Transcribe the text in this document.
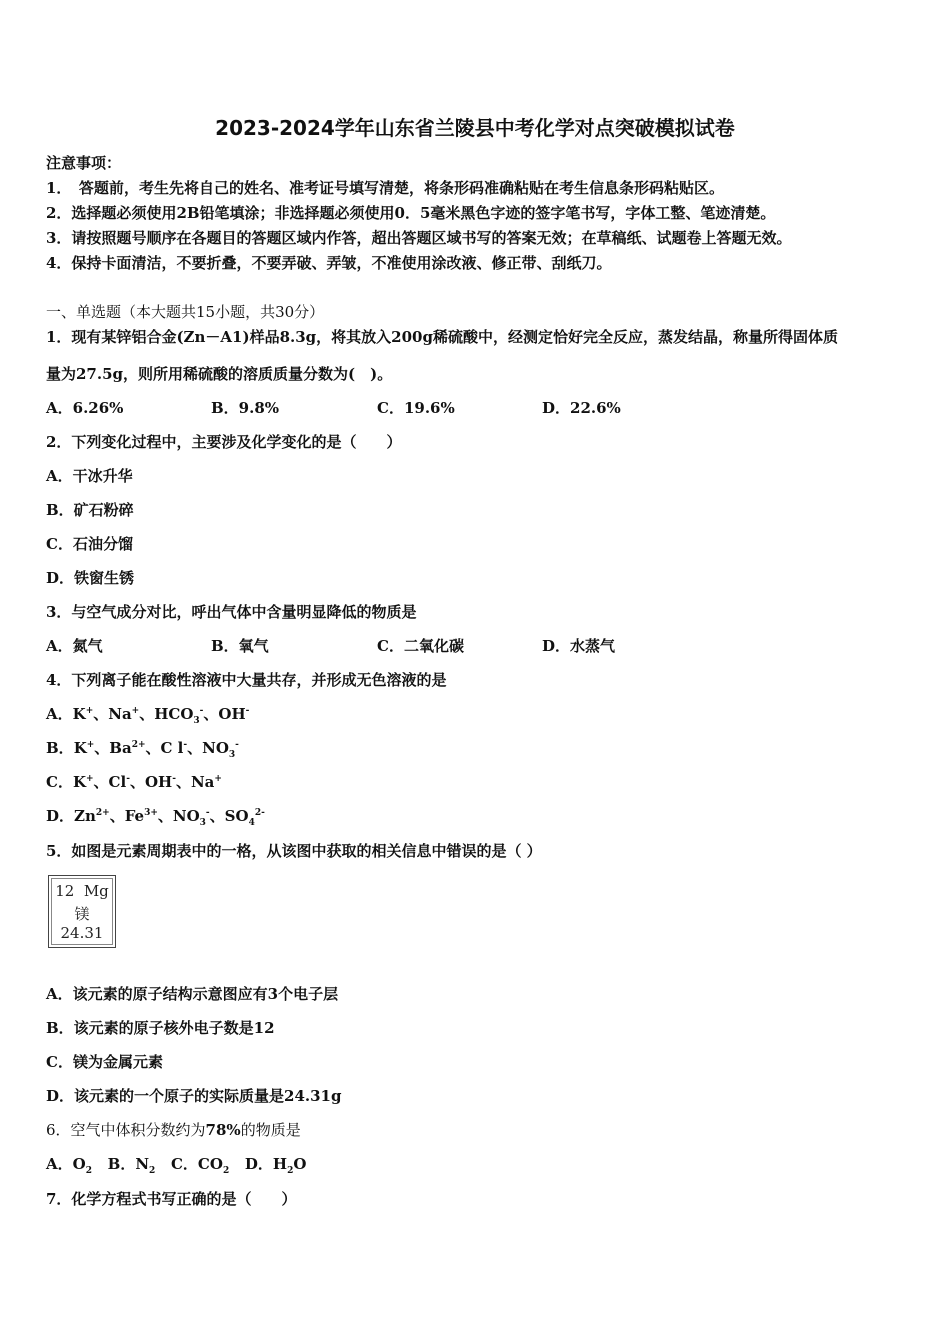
2023-2024学年山东省兰陵县中考化学对点突破模拟试卷
注意事项：
1．　答题前，考生先将自己的姓名、准考证号填写清楚，将条形码准确粘贴在考生信息条形码粘贴区。
2．选择题必须使用2B铅笔填涂；非选择题必须使用0．5毫米黑色字迹的签字笔书写，字体工整、笔迹清楚。
3．请按照题号顺序在各题目的答题区域内作答，超出答题区域书写的答案无效；在草稿纸、试题卷上答题无效。
4．保持卡面清洁，不要折叠，不要弄破、弄皱，不准使用涂改液、修正带、刮纸刀。
一、单选题（本大题共15小题，共30分）
1．现有某锌铝合金(Zn－A1)样品8.3g，将其放入200g稀硫酸中，经测定恰好完全反应，蒸发结晶，称量所得固体质
量为27.5g，则所用稀硫酸的溶质质量分数为(　)。
A．6.26%	B．9.8%	C．19.6%	D．22.6%
2．下列变化过程中，主要涉及化学变化的是（　　）
A．干冰升华
B．矿石粉碎
C．石油分馏
D．铁窗生锈
3．与空气成分对比，呼出气体中含量明显降低的物质是
A．氮气	B．氧气	C．二氧化碳	D．水蒸气
4．下列离子能在酸性溶液中大量共存，并形成无色溶液的是
A．K+、Na+、$HCO_3^-$、OH-
B．K+、$Ba^{2+}$、C l-、$NO_3^-$
C．K+、Cl-、OH-、Na+
D．$Zn^{2+}$、$Fe^{3+}$、$NO_3^-$、$SO_4^{2-}$
5．如图是元素周期表中的一格，从该图中获取的相关信息中错误的是（ ）
12 Mg
镁
24.31
A．该元素的原子结构示意图应有3个电子层
B．该元素的原子核外电子数是12
C．镁为金属元素
D．该元素的一个原子的实际质量是24.31g
6．空气中体积分数约为78%的物质是
A．$O_2$ B．$N_2$ C．$CO_2$ D．$H_2O$
7．化学方程式书写正确的是（　　）
